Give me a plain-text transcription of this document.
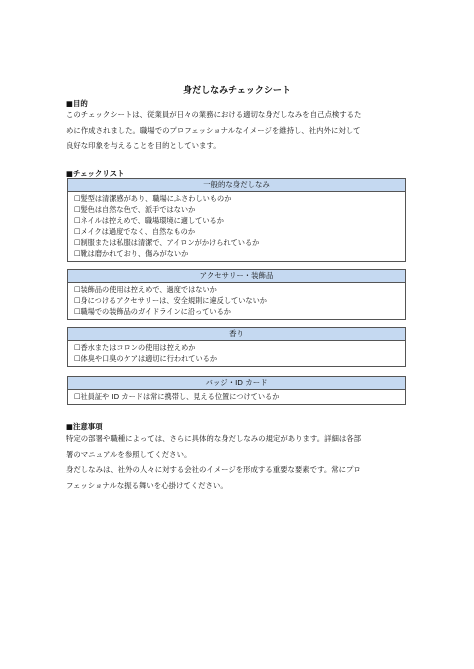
身だしなみチェックシート
■目的
このチェックシートは、従業員が日々の業務における適切な身だしなみを自己点検するた
めに作成されました。職場でのプロフェッショナルなイメージを維持し、社内外に対して
良好な印象を与えることを目的としています。
■チェックリスト
一般的な身だしなみ
☐髪型は清潔感があり、職場にふさわしいものか
☐髪色は自然な色で、派手ではないか
☐ネイルは控えめで、職場環境に適しているか
☐メイクは過度でなく、自然なものか
☐制服または私服は清潔で、アイロンがかけられているか
☐靴は磨かれており、傷みがないか
アクセサリー・装飾品
☐装飾品の使用は控えめで、過度ではないか
☐身につけるアクセサリーは、安全規則に違反していないか
☐職場での装飾品のガイドラインに沿っているか
香り
☐香水またはコロンの使用は控えめか
☐体臭や口臭のケアは適切に行われているか
バッジ・ID カード
☐社員証や ID カードは常に携帯し、見える位置につけているか
■注意事項
特定の部署や職種によっては、さらに具体的な身だしなみの規定があります。詳細は各部
署のマニュアルを参照してください。
身だしなみは、社外の人々に対する会社のイメージを形成する重要な要素です。常にプロ
フェッショナルな振る舞いを心掛けてください。
